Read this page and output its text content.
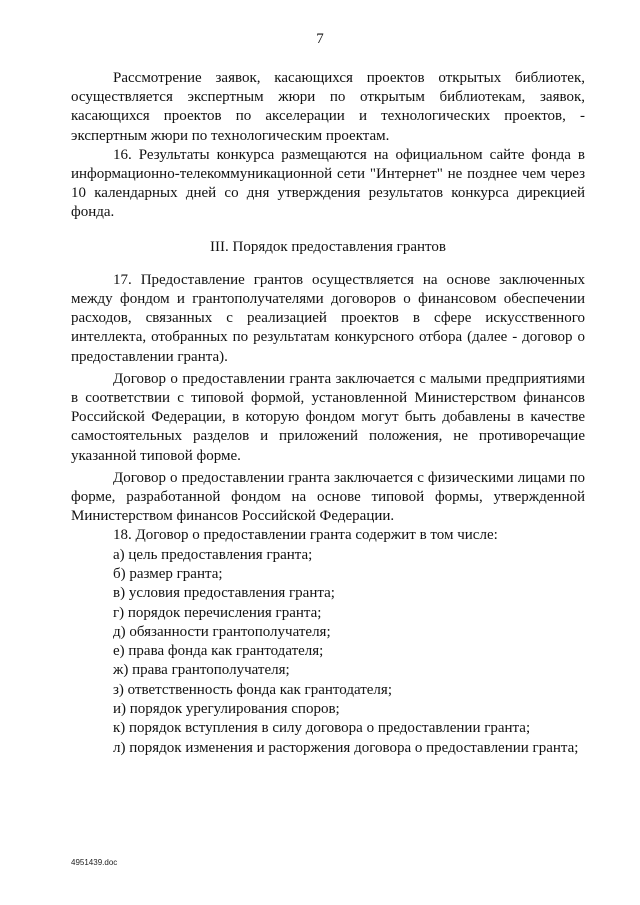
7

Рассмотрение заявок, касающихся проектов открытых библиотек, осуществляется экспертным жюри по открытым библиотекам, заявок, касающихся проектов по акселерации и технологических проектов, - экспертным жюри по технологическим проектам.

16. Результаты конкурса размещаются на официальном сайте фонда в информационно-телекоммуникационной сети "Интернет" не позднее чем через 10 календарных дней со дня утверждения результатов конкурса дирекцией фонда.

III. Порядок предоставления грантов

17. Предоставление грантов осуществляется на основе заключенных между фондом и грантополучателями договоров о финансовом обеспечении расходов, связанных с реализацией проектов в сфере искусственного интеллекта, отобранных по результатам конкурсного отбора (далее - договор о предоставлении гранта).

Договор о предоставлении гранта заключается с малыми предприятиями в соответствии с типовой формой, установленной Министерством финансов Российской Федерации, в которую фондом могут быть добавлены в качестве самостоятельных разделов и приложений положения, не противоречащие указанной типовой форме.

Договор о предоставлении гранта заключается с физическими лицами по форме, разработанной фондом на основе типовой формы, утвержденной Министерством финансов Российской Федерации.

18. Договор о предоставлении гранта содержит в том числе:

а) цель предоставления гранта;

б) размер гранта;

в) условия предоставления гранта;

г) порядок перечисления гранта;

д) обязанности грантополучателя;

е) права фонда как грантодателя;

ж) права грантополучателя;

з) ответственность фонда как грантодателя;

и) порядок урегулирования споров;

к) порядок вступления в силу договора о предоставлении гранта;

л) порядок изменения и расторжения договора о предоставлении гранта;

4951439.doc
